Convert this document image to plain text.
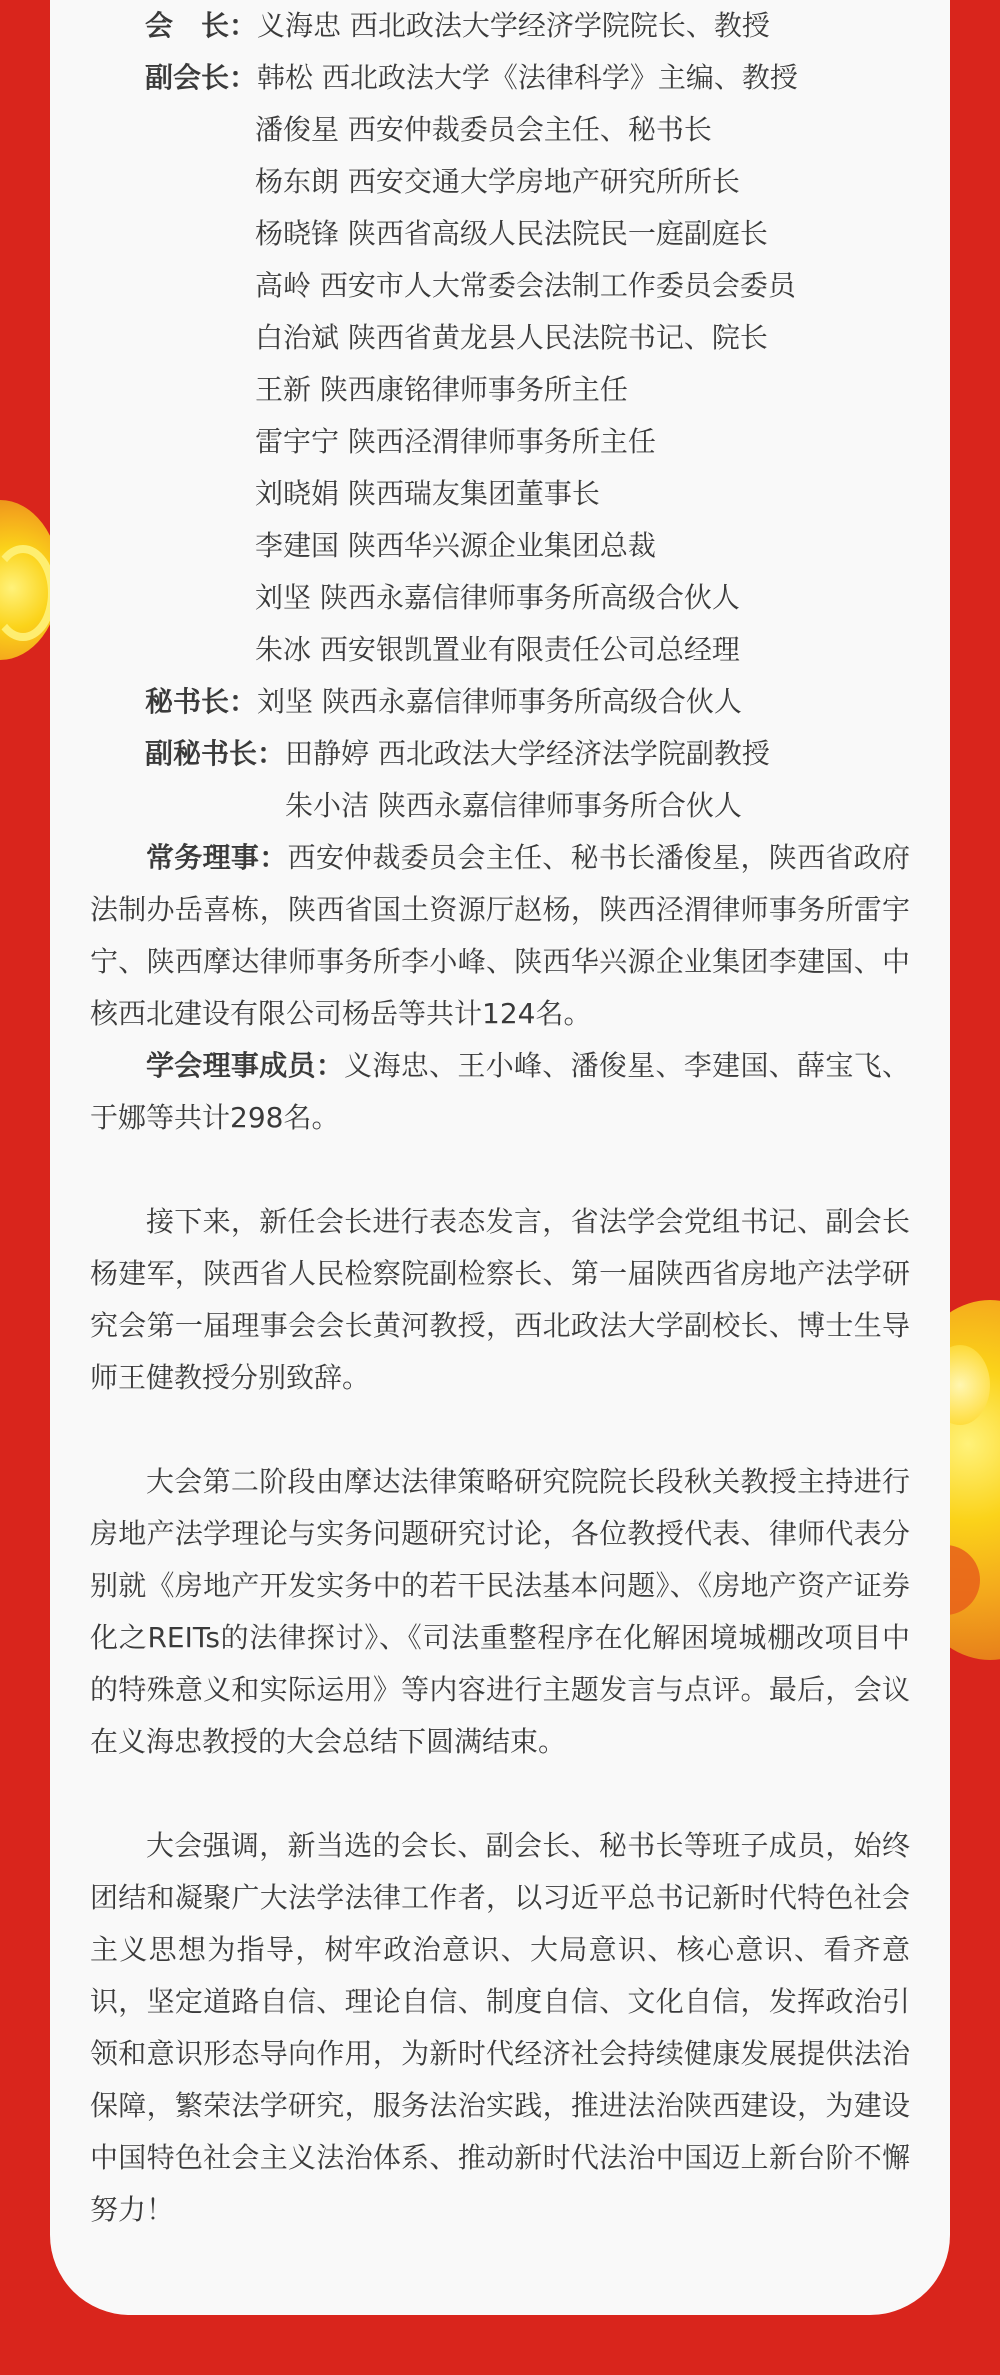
会　长：义海忠 西北政法大学经济学院院长、教授

副会长：韩松 西北政法大学《法律科学》主编、教授

潘俊星 西安仲裁委员会主任、秘书长

杨东朗 西安交通大学房地产研究所所长

杨晓锋 陕西省高级人民法院民一庭副庭长

高岭 西安市人大常委会法制工作委员会委员

白治斌 陕西省黄龙县人民法院书记、院长

王新 陕西康铭律师事务所主任

雷宇宁 陕西泾渭律师事务所主任

刘晓娟 陕西瑞友集团董事长

李建国 陕西华兴源企业集团总裁

刘坚 陕西永嘉信律师事务所高级合伙人

朱冰 西安银凯置业有限责任公司总经理

秘书长：刘坚 陕西永嘉信律师事务所高级合伙人

副秘书长：田静婷 西北政法大学经济法学院副教授

朱小洁 陕西永嘉信律师事务所合伙人

常务理事：西安仲裁委员会主任、秘书长潘俊星，陕西省政府法制办岳喜栋，陕西省国土资源厅赵杨，陕西泾渭律师事务所雷宇宁、陕西摩达律师事务所李小峰、陕西华兴源企业集团李建国、中核西北建设有限公司杨岳等共计124名。

学会理事成员：义海忠、王小峰、潘俊星、李建国、薛宝飞、于娜等共计298名。

接下来，新任会长进行表态发言，省法学会党组书记、副会长杨建军，陕西省人民检察院副检察长、第一届陕西省房地产法学研究会第一届理事会会长黄河教授，西北政法大学副校长、博士生导师王健教授分别致辞。

大会第二阶段由摩达法律策略研究院院长段秋关教授主持进行房地产法学理论与实务问题研究讨论，各位教授代表、律师代表分别就《房地产开发实务中的若干民法基本问题》、《房地产资产证券化之REITs的法律探讨》、《司法重整程序在化解困境城棚改项目中的特殊意义和实际运用》等内容进行主题发言与点评。最后，会议在义海忠教授的大会总结下圆满结束。

大会强调，新当选的会长、副会长、秘书长等班子成员，始终团结和凝聚广大法学法律工作者，以习近平总书记新时代特色社会主义思想为指导，树牢政治意识、大局意识、核心意识、看齐意识，坚定道路自信、理论自信、制度自信、文化自信，发挥政治引领和意识形态导向作用，为新时代经济社会持续健康发展提供法治保障，繁荣法学研究，服务法治实践，推进法治陕西建设，为建设中国特色社会主义法治体系、推动新时代法治中国迈上新台阶不懈努力！
